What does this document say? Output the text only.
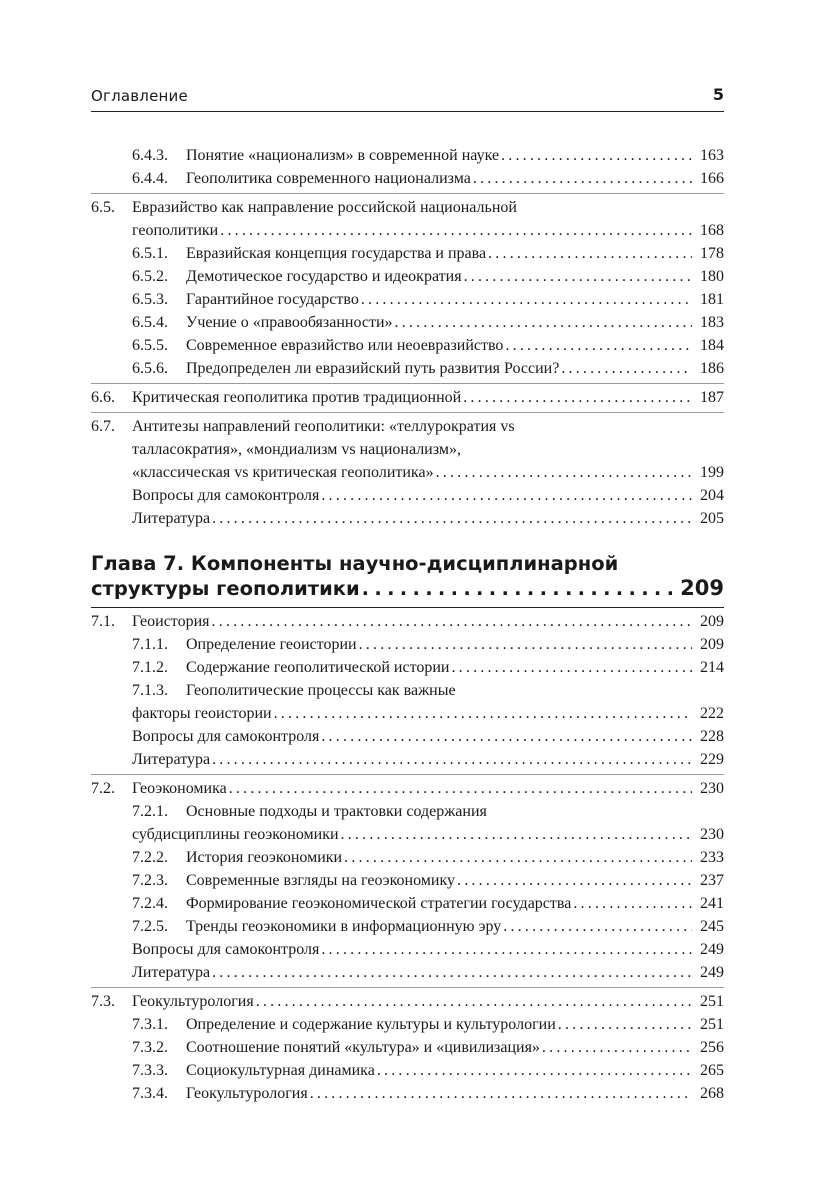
Оглавление	5
6.4.3. Понятие «национализм» в современной науке .....	163
6.4.4. Геополитика современного национализма .....	166
6.5. Евразийство как направление российской национальной
геополитики .....	168
6.5.1. Евразийская концепция государства и права .....	178
6.5.2. Демотическое государство и идеократия .....	180
6.5.3. Гарантийное государство .....	181
6.5.4. Учение о «правообязанности» .....	183
6.5.5. Современное евразийство или неоевразийство .....	184
6.5.6. Предопределен ли евразийский путь развития России? .....	186
6.6. Критическая геополитика против традиционной .....	187
6.7. Антитезы направлений геополитики: «теллурократия vs
талласократия», «мондиализм vs национализм»,
«классическая vs критическая геополитика» .....	199
Вопросы для самоконтроля .....	204
Литература .....	205
Глава 7. Компоненты научно-дисциплинарной
структуры геополитики .....	209
7.1. Геоистория .....	209
7.1.1. Определение геоистории .....	209
7.1.2. Содержание геополитической истории .....	214
7.1.3. Геополитические процессы как важные
факторы геоистории .....	222
Вопросы для самоконтроля .....	228
Литература .....	229
7.2. Геоэкономика .....	230
7.2.1. Основные подходы и трактовки содержания
субдисциплины геоэкономики .....	230
7.2.2. История геоэкономики .....	233
7.2.3. Современные взгляды на геоэкономику .....	237
7.2.4. Формирование геоэкономической стратегии государства .....	241
7.2.5. Тренды геоэкономики в информационную эру .....	245
Вопросы для самоконтроля .....	249
Литература .....	249
7.3. Геокультурология .....	251
7.3.1. Определение и содержание культуры и культурологии .....	251
7.3.2. Соотношение понятий «культура» и «цивилизация» .....	256
7.3.3. Социокультурная динамика .....	265
7.3.4. Геокультурология .....	268
